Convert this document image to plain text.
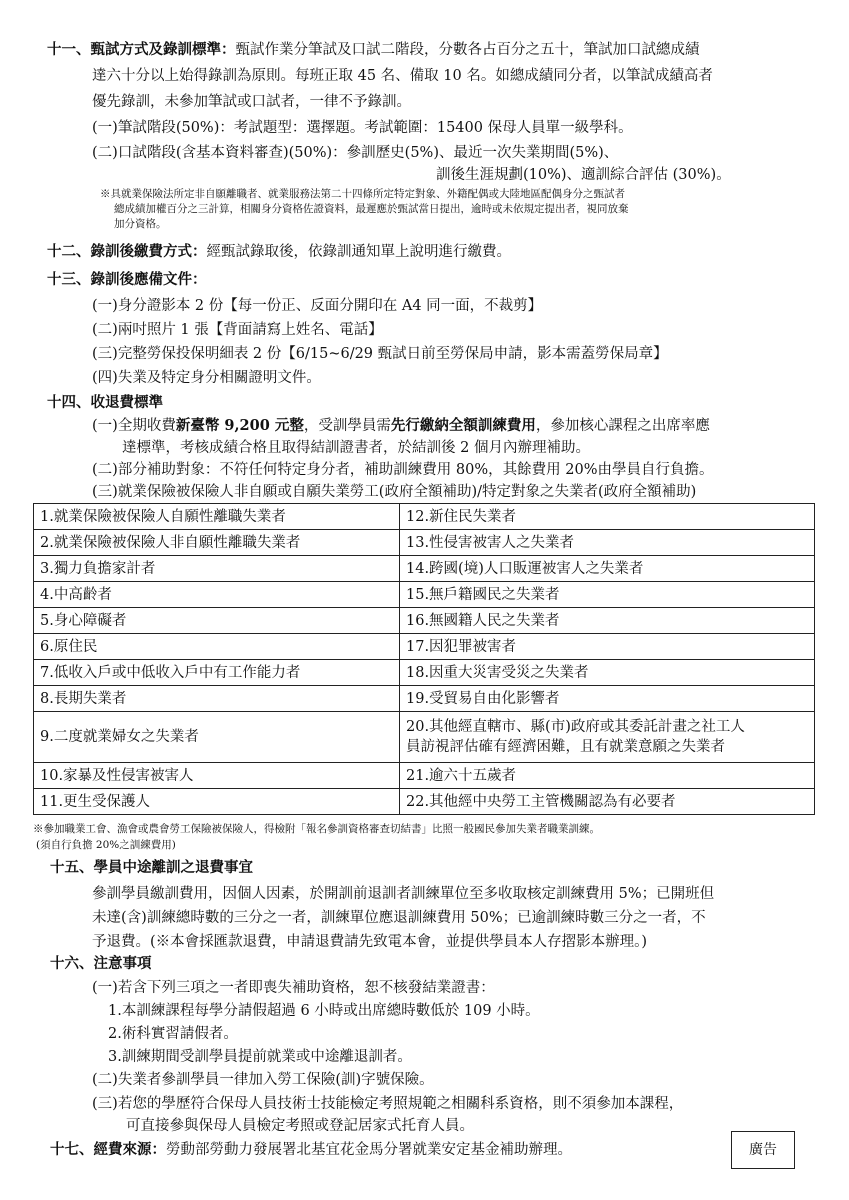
十一、甄試方式及錄訓標準：甄試作業分筆試及口試二階段，分數各占百分之五十，筆試加口試總成績
達六十分以上始得錄訓為原則。每班正取 45 名、備取 10 名。如總成績同分者，以筆試成績高者
優先錄訓，未參加筆試或口試者，一律不予錄訓。
(一)筆試階段(50%)：考試題型：選擇題。考試範圍：15400 保母人員單一級學科。
(二)口試階段(含基本資料審查)(50%)：參訓歷史(5%)、最近一次失業期間(5%)、
訓後生涯規劃(10%)、適訓綜合評估 (30%)。
※具就業保險法所定非自願離職者、就業服務法第二十四條所定特定對象、外籍配偶或大陸地區配偶身分之甄試者
總成績加權百分之三計算，相關身分資格佐證資料，最遲應於甄試當日提出，逾時或未依規定提出者，視同放棄
加分資格。
十二、錄訓後繳費方式：經甄試錄取後，依錄訓通知單上說明進行繳費。
十三、錄訓後應備文件：
(一)身分證影本 2 份【每一份正、反面分開印在 A4 同一面，不裁剪】
(二)兩吋照片 1 張【背面請寫上姓名、電話】
(三)完整勞保投保明細表 2 份【6/15~6/29 甄試日前至勞保局申請，影本需蓋勞保局章】
(四)失業及特定身分相關證明文件。
十四、收退費標準
(一)全期收費新臺幣 9,200 元整，受訓學員需先行繳納全額訓練費用，參加核心課程之出席率應
達標準，考核成績合格且取得結訓證書者，於結訓後 2 個月內辦理補助。
(二)部分補助對象：不符任何特定身分者，補助訓練費用 80%，其餘費用 20%由學員自行負擔。
(三)就業保險被保險人非自願或自願失業勞工(政府全額補助)/特定對象之失業者(政府全額補助)
1.就業保險被保險人自願性離職失業者	12.新住民失業者
2.就業保險被保險人非自願性離職失業者	13.性侵害被害人之失業者
3.獨力負擔家計者	14.跨國(境)人口販運被害人之失業者
4.中高齡者	15.無戶籍國民之失業者
5.身心障礙者	16.無國籍人民之失業者
6.原住民	17.因犯罪被害者
7.低收入戶或中低收入戶中有工作能力者	18.因重大災害受災之失業者
8.長期失業者	19.受貿易自由化影響者
9.二度就業婦女之失業者	20.其他經直轄市、縣(市)政府或其委託計畫之社工人
員訪視評估確有經濟困難，且有就業意願之失業者

10.家暴及性侵害被害人	21.逾六十五歲者
11.更生受保護人	22.其他經中央勞工主管機關認為有必要者
※參加職業工會、漁會或農會勞工保險被保險人，得檢附「報名參訓資格審查切結書」比照一般國民參加失業者職業訓練。
(須自行負擔 20%之訓練費用)
十五、學員中途離訓之退費事宜
參訓學員繳訓費用，因個人因素，於開訓前退訓者訓練單位至多收取核定訓練費用 5%；已開班但
未達(含)訓練總時數的三分之一者，訓練單位應退訓練費用 50%；已逾訓練時數三分之一者，不
予退費。(※本會採匯款退費，申請退費請先致電本會，並提供學員本人存摺影本辦理。)
十六、注意事項
(一)若含下列三項之一者即喪失補助資格，恕不核發結業證書：
1.本訓練課程每學分請假超過 6 小時或出席總時數低於 109 小時。
2.術科實習請假者。
3.訓練期間受訓學員提前就業或中途離退訓者。
(二)失業者參訓學員一律加入勞工保險(訓)字號保險。
(三)若您的學歷符合保母人員技術士技能檢定考照規範之相關科系資格，則不須參加本課程，
可直接參與保母人員檢定考照或登記居家式托育人員。
十七、經費來源：勞動部勞動力發展署北基宜花金馬分署就業安定基金補助辦理。	廣告
